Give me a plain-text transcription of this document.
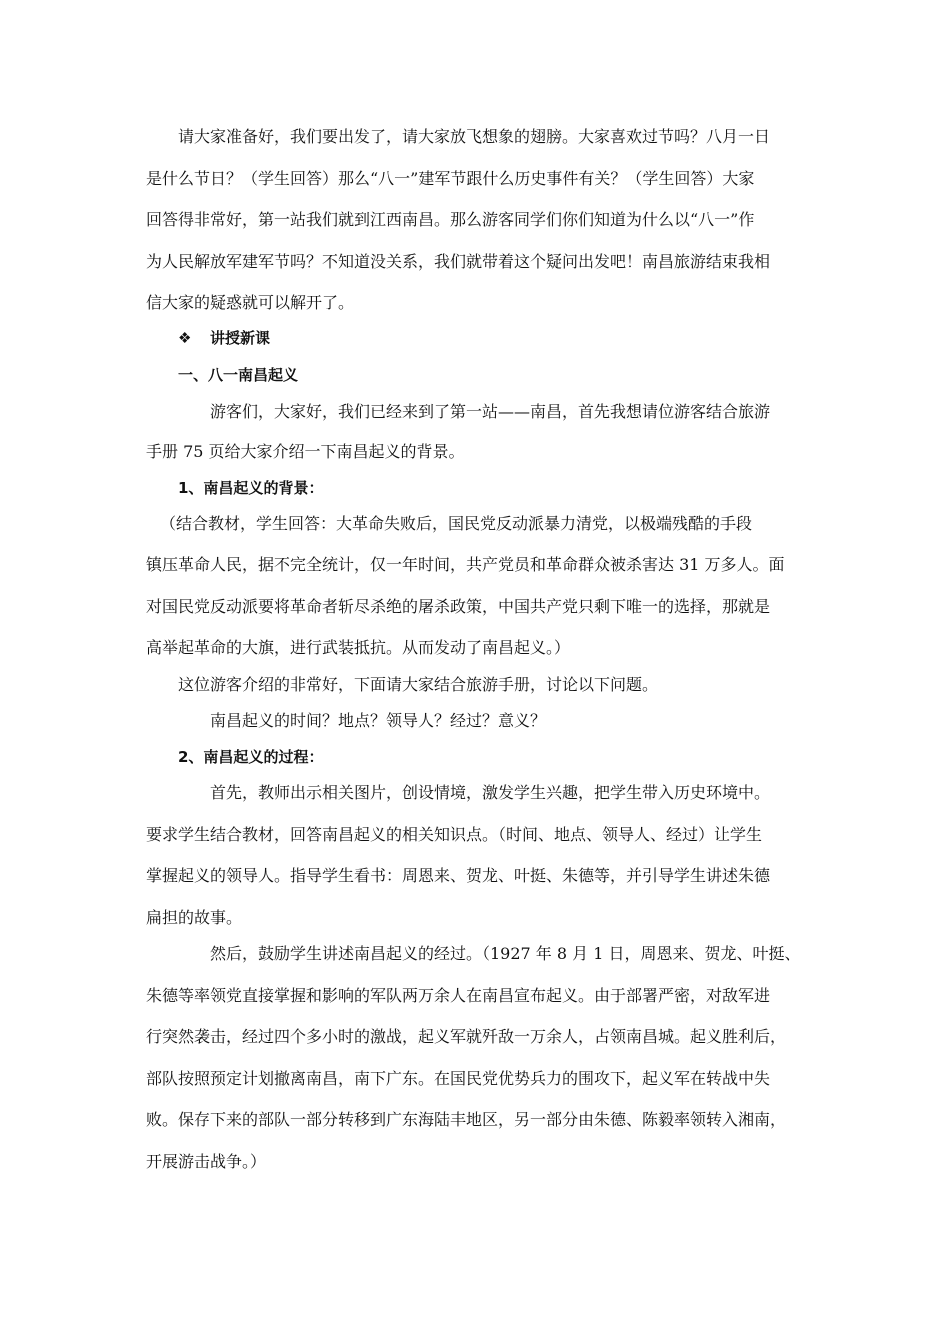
请大家准备好，我们要出发了，请大家放飞想象的翅膀。大家喜欢过节吗？八月一日

是什么节日？（学生回答）那么“八一”建军节跟什么历史事件有关？（学生回答）大家

回答得非常好，第一站我们就到江西南昌。那么游客同学们你们知道为什么以“八一”作

为人民解放军建军节吗？不知道没关系，我们就带着这个疑问出发吧！南昌旅游结束我相

信大家的疑惑就可以解开了。

❖ 讲授新课

一、八一南昌起义

游客们，大家好，我们已经来到了第一站——南昌，首先我想请位游客结合旅游

手册 75 页给大家介绍一下南昌起义的背景。

1、南昌起义的背景：

（结合教材，学生回答：大革命失败后，国民党反动派暴力清党，以极端残酷的手段

镇压革命人民，据不完全统计，仅一年时间，共产党员和革命群众被杀害达 31 万多人。面

对国民党反动派要将革命者斩尽杀绝的屠杀政策，中国共产党只剩下唯一的选择，那就是

高举起革命的大旗，进行武装抵抗。从而发动了南昌起义。）

这位游客介绍的非常好，下面请大家结合旅游手册，讨论以下问题。

南昌起义的时间？地点？领导人？经过？意义？

2、南昌起义的过程：

首先，教师出示相关图片，创设情境，激发学生兴趣，把学生带入历史环境中。

要求学生结合教材，回答南昌起义的相关知识点。（时间、地点、领导人、经过）让学生

掌握起义的领导人。指导学生看书：周恩来、贺龙、叶挺、朱德等，并引导学生讲述朱德

扁担的故事。

然后，鼓励学生讲述南昌起义的经过。（1927 年 8 月 1 日，周恩来、贺龙、叶挺、

朱德等率领党直接掌握和影响的军队两万余人在南昌宣布起义。由于部署严密，对敌军进

行突然袭击，经过四个多小时的激战，起义军就歼敌一万余人，占领南昌城。起义胜利后，

部队按照预定计划撤离南昌，南下广东。在国民党优势兵力的围攻下，起义军在转战中失

败。保存下来的部队一部分转移到广东海陆丰地区，另一部分由朱德、陈毅率领转入湘南，

开展游击战争。）
